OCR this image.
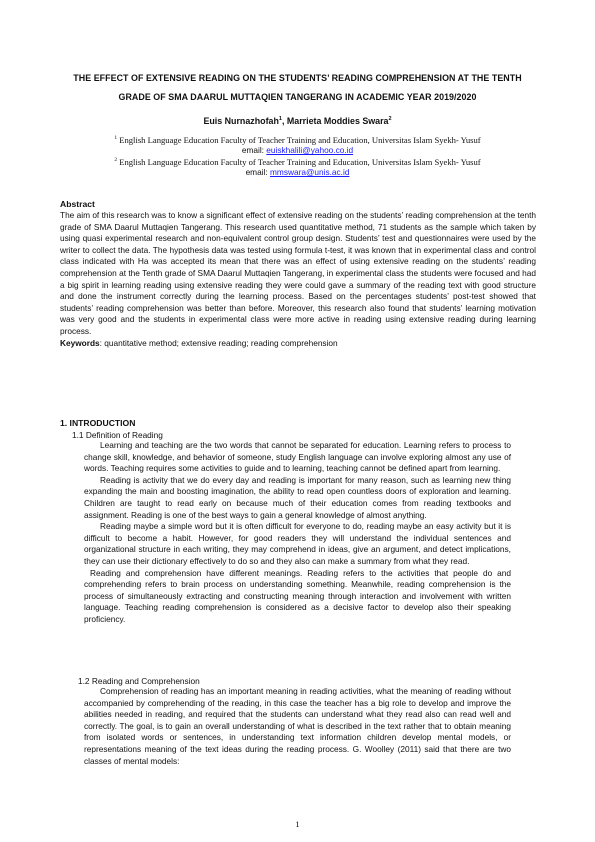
THE EFFECT OF EXTENSIVE READING ON THE STUDENTS’ READING COMPREHENSION AT THE TENTH GRADE OF SMA DAARUL MUTTAQIEN TANGERANG IN ACADEMIC YEAR 2019/2020
Euis Nurnazhofah$^1$, Marrieta Moddies Swara$^2$
$^1$ English Language Education Faculty of Teacher Training and Education, Universitas Islam Syekh- Yusuf
email: euiskhalili@yahoo.co.id
$^2$ English Language Education Faculty of Teacher Training and Education, Universitas Islam Syekh- Yusuf
email: mmswara@unis.ac.id
Abstract

The aim of this research was to know a significant effect of extensive reading on the students’ reading comprehension at the tenth grade of SMA Daarul Muttaqien Tangerang. This research used quantitative method, 71 students as the sample which taken by using quasi experimental research and non-equivalent control group design. Students’ test and questionnaires were used by the writer to collect the data. The hypothesis data was tested using formula t-test, it was known that in experimental class and control class indicated with Ha was accepted its mean that there was an effect of using extensive reading on the students’ reading comprehension at the Tenth grade of SMA Daarul Muttaqien Tangerang, in experimental class the students were focused and had a big spirit in learning reading using extensive reading they were could gave a summary of the reading text with good structure and done the instrument correctly during the learning process. Based on the percentages students’ post-test showed that students’ reading comprehension was better than before. Moreover, this research also found that students’ learning motivation was very good and the students in experimental class were more active in reading using extensive reading during learning process.

Keywords: quantitative method; extensive reading; reading comprehension

1. INTRODUCTION
1.1 Definition of Reading

Learning and teaching are the two words that cannot be separated for education. Learning refers to process to change skill, knowledge, and behavior of someone, study English language can involve exploring almost any use of words. Teaching requires some activities to guide and to learning, teaching cannot be defined apart from learning.

Reading is activity that we do every day and reading is important for many reason, such as learning new thing expanding the main and boosting imagination, the ability to read open countless doors of exploration and learning. Children are taught to read early on because much of their education comes from reading textbooks and assignment. Reading is one of the best ways to gain a general knowledge of almost anything.

Reading maybe a simple word but it is often difficult for everyone to do, reading maybe an easy activity but it is difficult to become a habit. However, for good readers they will understand the individual sentences and organizational structure in each writing, they may comprehend in ideas, give an argument, and detect implications, they can use their dictionary effectively to do so and they also can make a summary from what they read.

Reading and comprehension have different meanings. Reading refers to the activities that people do and comprehending refers to brain process on understanding something. Meanwhile, reading comprehension is the process of simultaneously extracting and constructing meaning through interaction and involvement with written language. Teaching reading comprehension is considered as a decisive factor to develop also their speaking proficiency.

1.2 Reading and Comprehension

Comprehension of reading has an important meaning in reading activities, what the meaning of reading without accompanied by comprehending of the reading, in this case the teacher has a big role to develop and improve the abilities needed in reading, and required that the students can understand what they read also can read well and correctly. The goal, is to gain an overall understanding of what is described in the text rather that to obtain meaning from isolated words or sentences, in understanding text information children develop mental models, or representations meaning of the text ideas during the reading process. G. Woolley (2011) said that there are two classes of mental models:

1
